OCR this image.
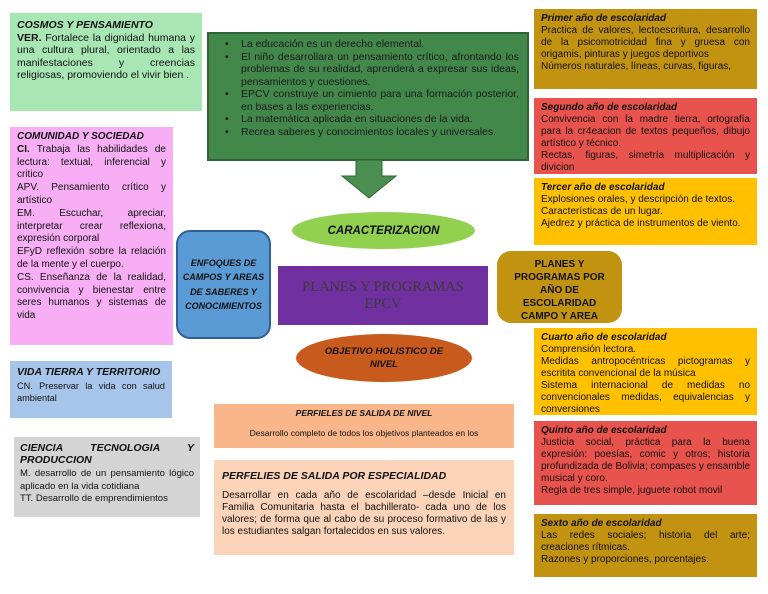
COSMOS Y PENSAMIENTO
VER. Fortalece la dignidad humana y una cultura plural, orientado a las manifestaciones y creencias religiosas, promoviendo el vivir bien .
COMUNIDAD Y SOCIEDAD
CI. Trabaja las habilidades de lectura: textual, inferencial y critico
APV. Pensamiento crítico y artístico
EM. Escuchar, apreciar, interpretar crear reflexiona, expresión corporal
EFyD reflexión sobre la relación de la mente y el cuerpo.
CS. Enseñanza de la realidad, convivencia y bienestar entre seres humanos y sistemas de vida
VIDA TIERRA Y TERRITORIO
CN. Preservar la vida con salud ambiental
CIENCIA TECNOLOGIA Y PRODUCCION
M. desarrollo de un pensamiento lógico aplicado en la vida cotidiana
TT. Desarrollo de emprendimientos
• La educación es un derecho elemental.
• El niño desarrollara un pensamiento crítico, afrontando los problemas de su realidad, aprenderá a expresar sus ideas, pensamientos y cuestiones.
• EPCV construye un cimiento para una formación posterior, en bases a las experiencias.
• La matemática aplicada en situaciones de la vida.
• Recrea saberes y conocimientos locales y universales.
CARACTERIZACION
ENFOQUES DE CAMPOS Y AREAS DE SABERES Y CONOCIMIENTOS
PLANES Y PROGRAMAS EPCV
PLANES Y PROGRAMAS POR AÑO DE ESCOLARIDAD CAMPO Y AREA
OBJETIVO HOLISTICO DE NIVEL
PERFIELES DE SALIDA DE NIVEL
Desarrollo completo de todos los objetivos planteados en los
PERFELIES DE SALIDA POR ESPECIALIDAD
Desarrollar en cada año de escolaridad –desde Inicial en Familia Comunitaria hasta el bachillerato- cada uno de los valores; de forma que al cabo de su proceso formativo de las y los estudiantes salgan fortalecidos en sus valores.
Primer año de escolaridad
Practica de valores, lectoescritura, desarrollo de la psicomotricidad fina y gruesa con origamis, pinturas y juegos deportivos
Números naturales, líneas, curvas, figuras,
Segundo año de escolaridad
Convivencia con la madre tierra, ortografía para la cr4eacion de textos pequeños, dibujo artístico y técnico.
Rectas, figuras, simetría multiplicación y divicion
Tercer año de escolaridad
Explosiones orales, y descripción de textos.
Características de un lugar.
Ajedrez y práctica de instrumentos de viento.
Cuarto año de escolaridad
Comprensión lectora.
Medidas antropocéntricas pictogramas y escritita convencional de la música
Sistema internacional de medidas no convencionales medidas, equivalencias y conversiones
Quinto año de escolaridad
Justicia social, práctica para la buena expresión: poesías, comic y otros; historia profundizada de Bolivia; compases y ensamble musical y coro.
Regla de tres simple, juguete robot movil
Sexto año de escolaridad
Las redes sociales; historia del arte; creaciones rítmicas.
Razones y proporciones, porcentajes.
